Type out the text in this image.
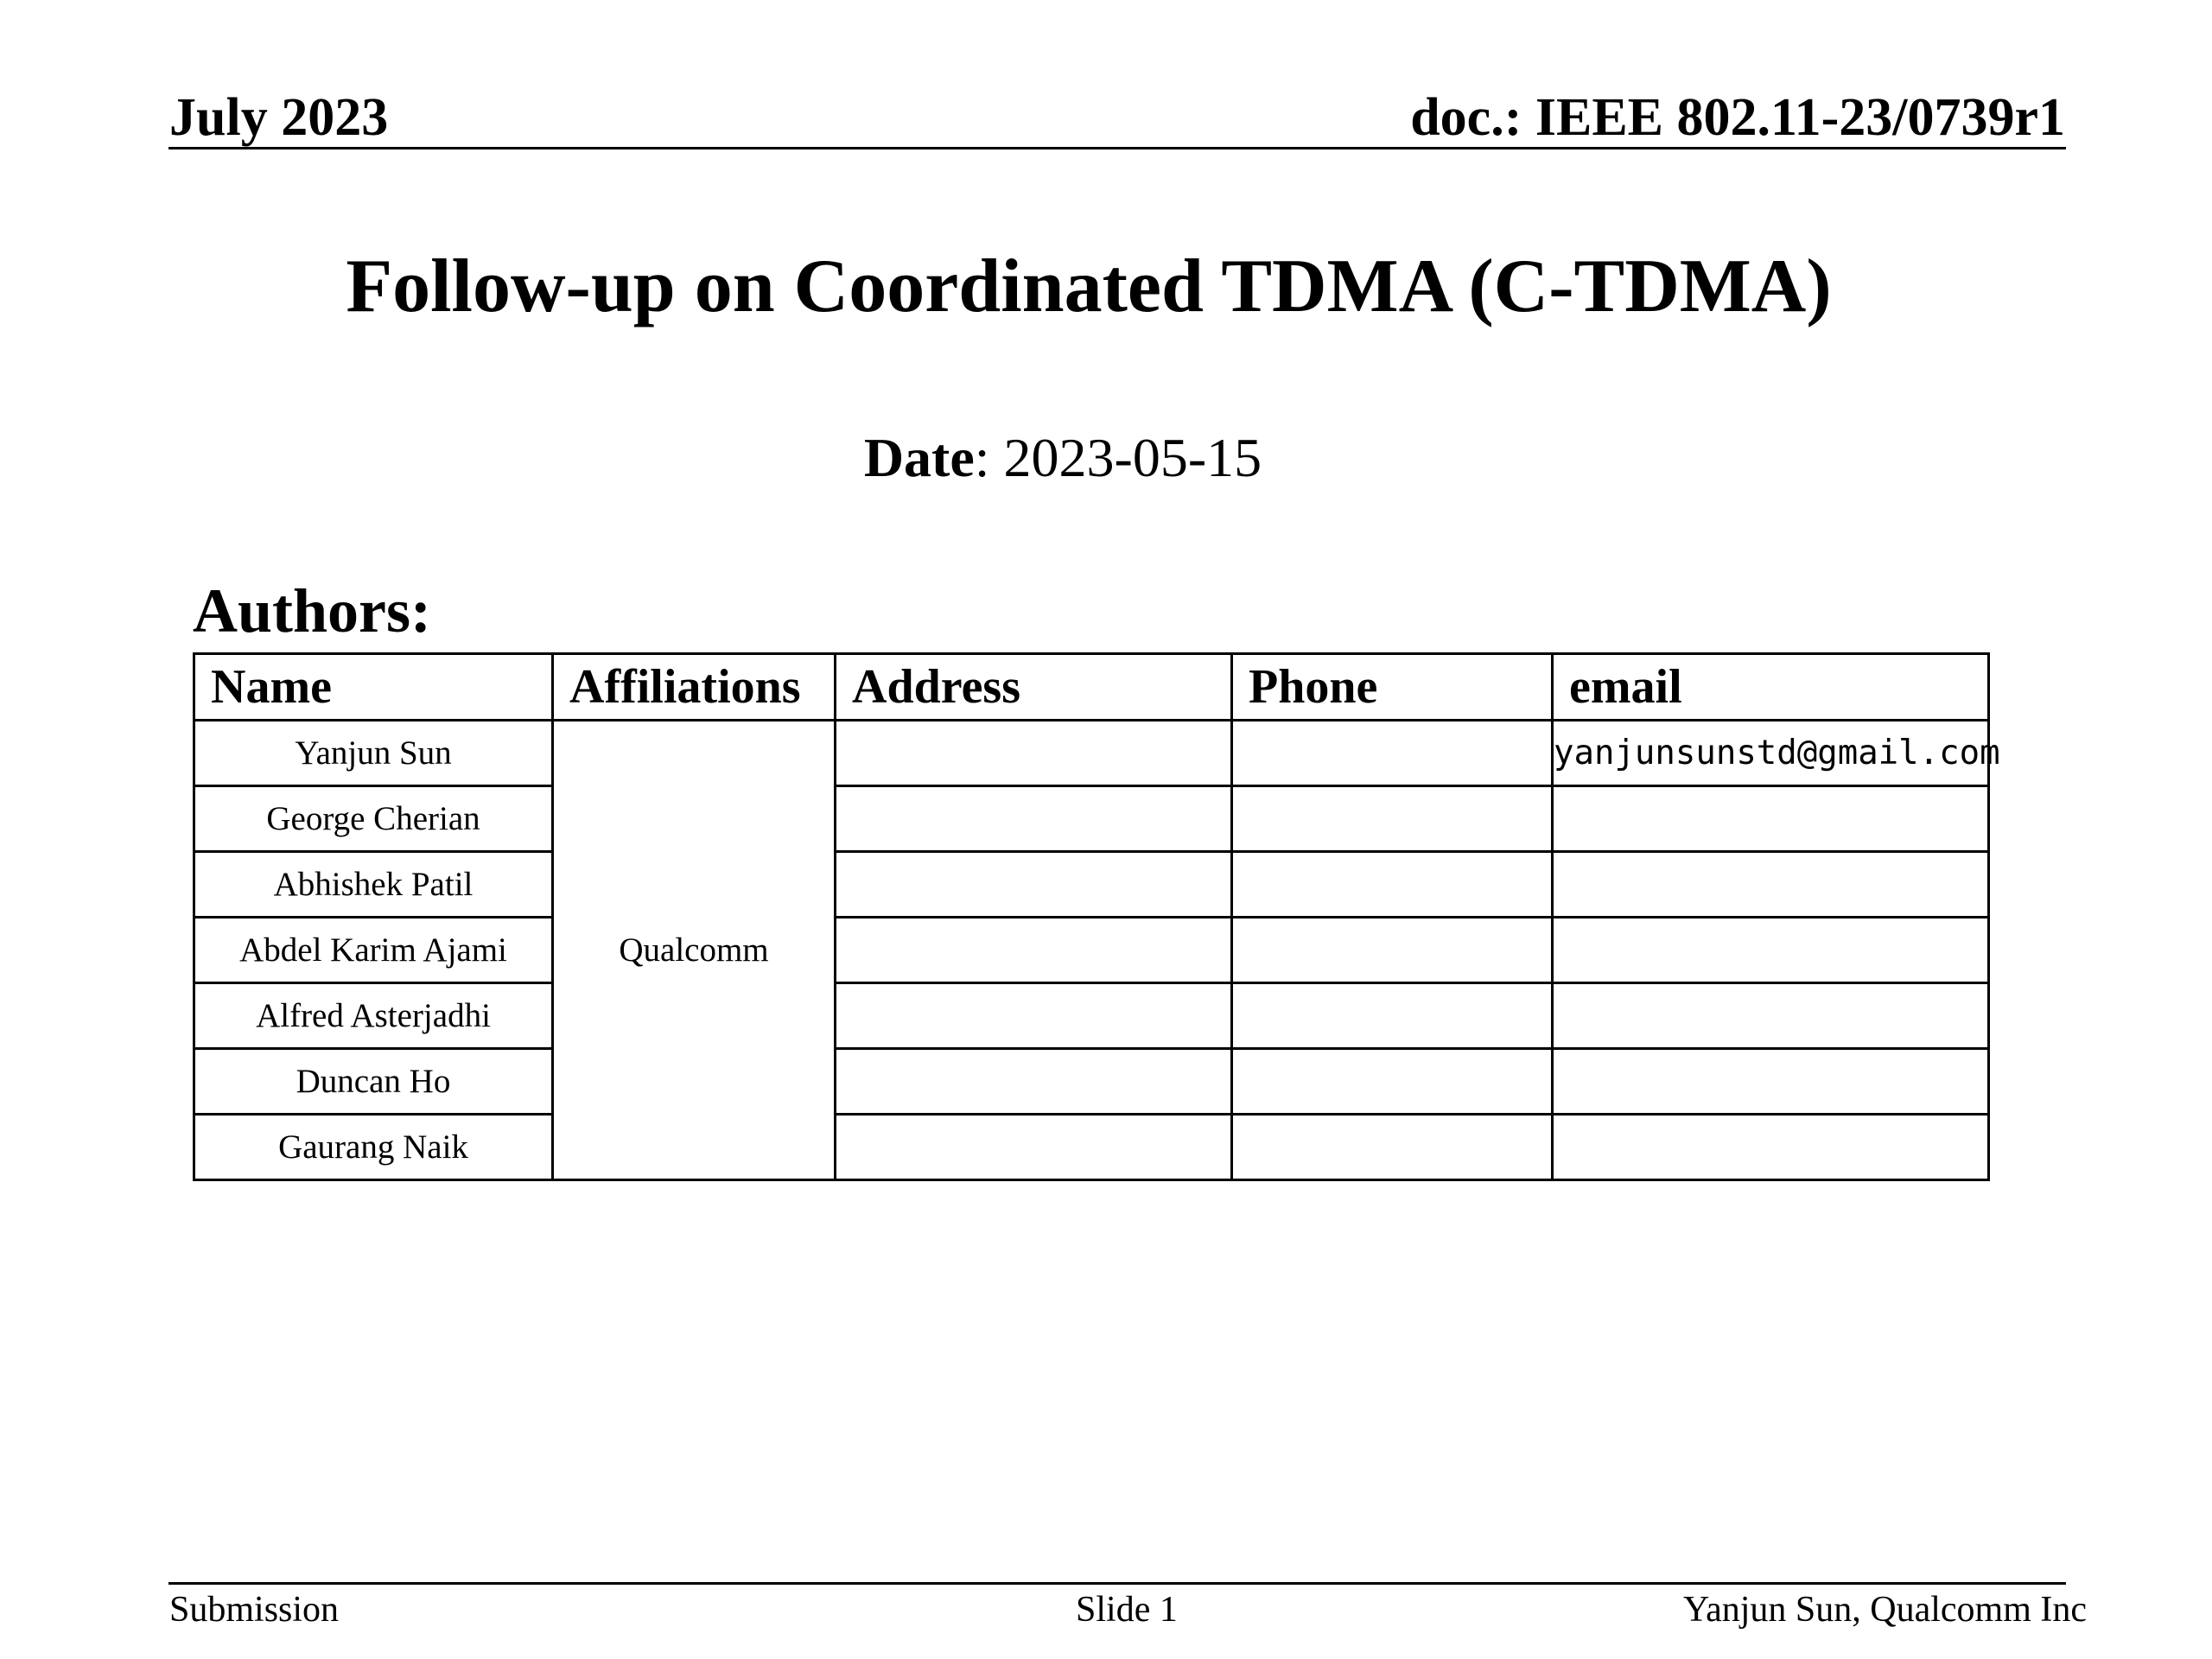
July 2023	doc.: IEEE 802.11-23/0739r1
Follow-up on Coordinated TDMA (C-TDMA)
Date: 2023-05-15
Authors:
Name	Affiliations	Address	Phone	email
Yanjun Sun	Qualcomm			yanjunsunstd@gmail.com
George Cherian				
Abhishek Patil				
Abdel Karim Ajami				
Alfred Asterjadhi				
Duncan Ho				
Gaurang Naik				
Submission	Slide 1	Yanjun Sun, Qualcomm Inc
